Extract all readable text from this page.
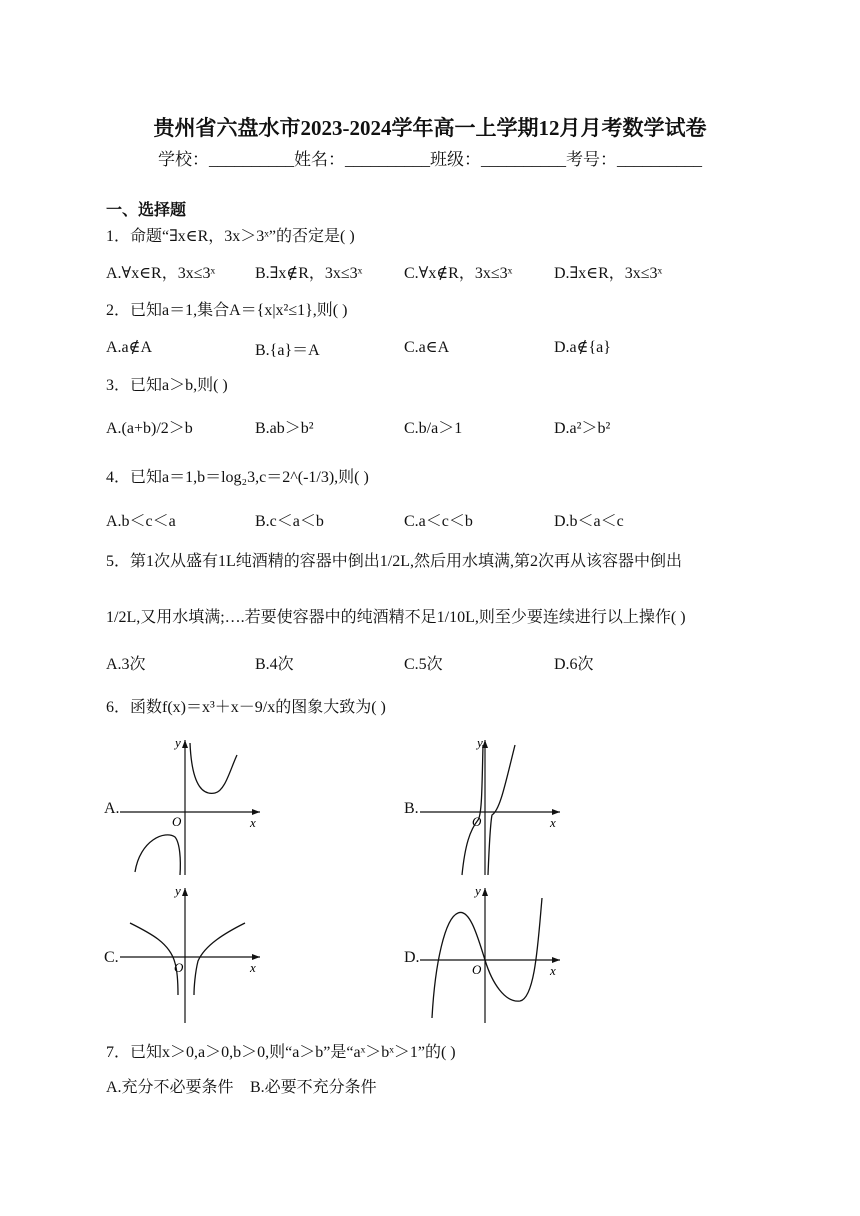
贵州省六盘水市2023-2024学年高一上学期12月月考数学试卷
学校：__________姓名：__________班级：__________考号：__________
一、选择题
1．命题“∃x∈R，3x＞3ˣ”的否定是( )
A.∀x∈R，3x≤3ˣ B.∃x∉R，3x≤3ˣ	C.∀x∉R，3x≤3ˣ	D.∃x∈R，3x≤3ˣ
2．已知a＝1,集合A＝{x|x²≤1},则( )
A.a∉A	B.{a}＝A	C.a∈A	D.a∉{a}
3．已知a＞b,则( )
A.(a+b)/2＞b	B.ab＞b²	C.b/a＞1	D.a²＞b²
4．已知a＝1,b＝log₂3,c＝2^(-1/3),则( )
A.b＜c＜a	B.c＜a＜b	C.a＜c＜b	D.b＜a＜c
5．第1次从盛有1L纯酒精的容器中倒出1/2L,然后用水填满,第2次再从该容器中倒出
1/2L,又用水填满;….若要使容器中的纯酒精不足1/10L,则至少要连续进行以上操作( )
A.3次	B.4次	C.5次	D.6次
6．函数f(x)＝x³＋x－9/x的图象大致为( )
A.
y
x
O
B.
y
x
O
C.
y
x
O
D.
y
x
O
7．已知x＞0,a＞0,b＞0,则“a＞b”是“aˣ＞bˣ＞1”的( )
A.充分不必要条件 B.必要不充分条件
